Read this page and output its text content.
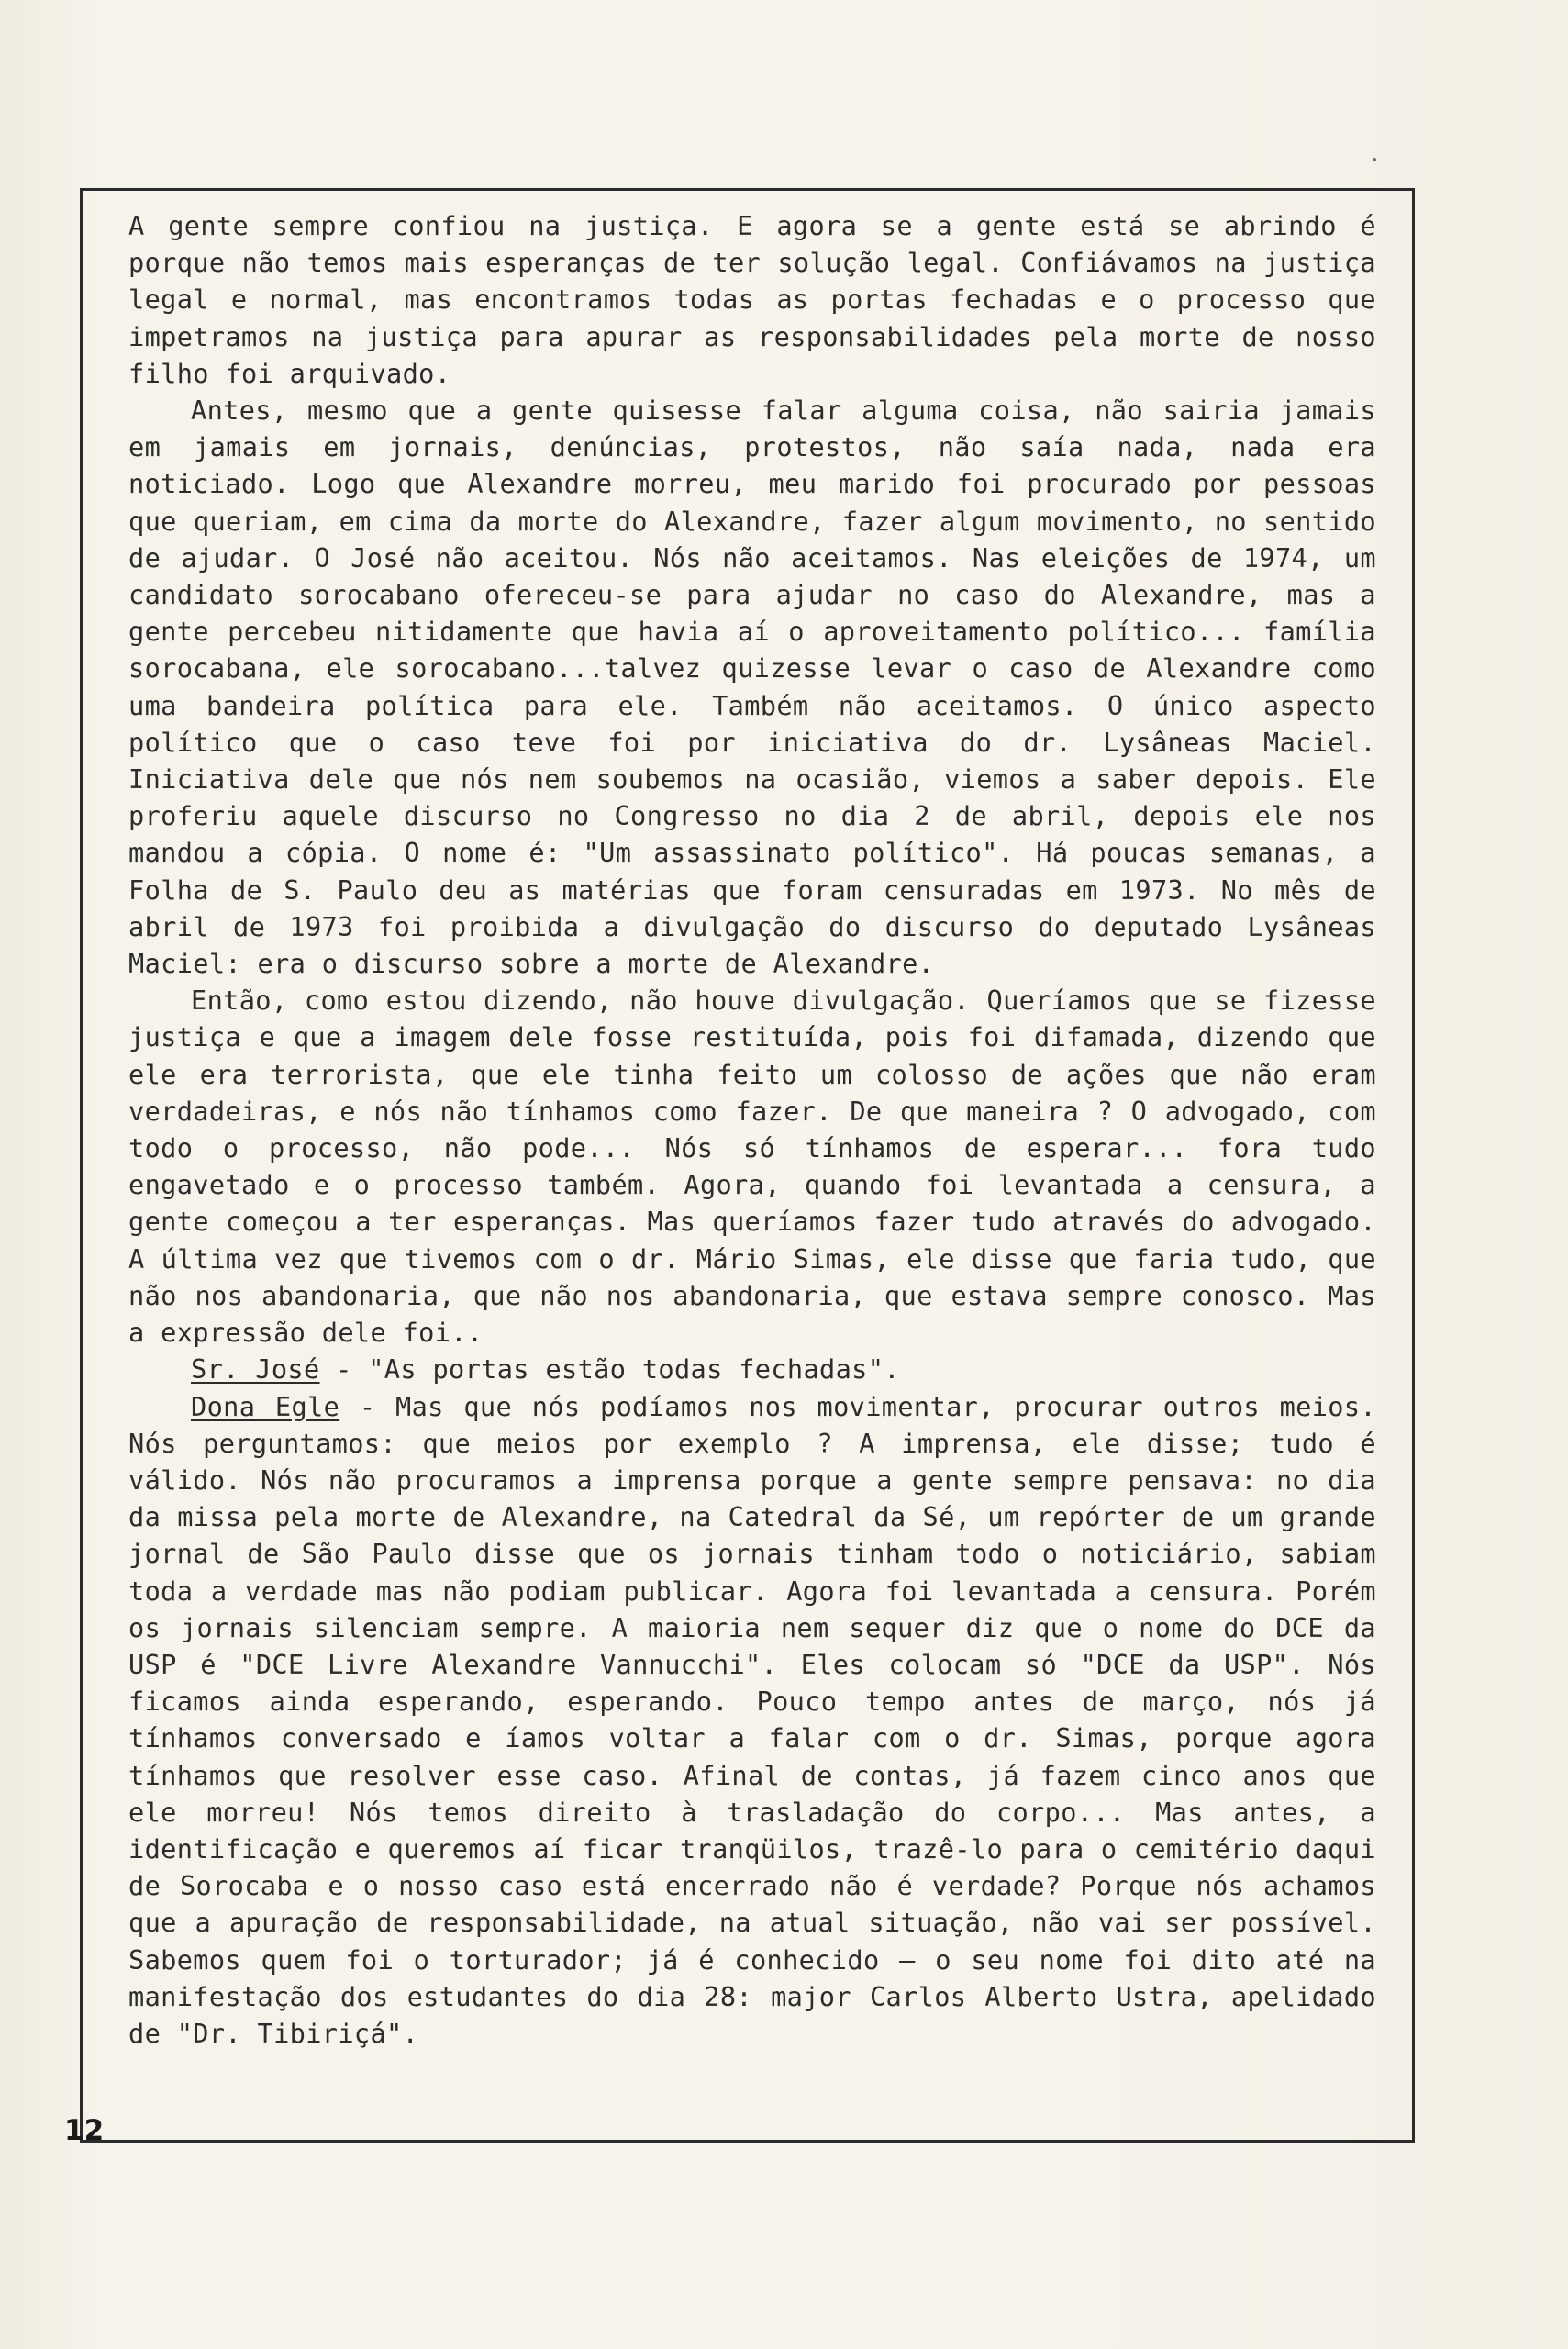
A gente sempre confiou na justiça. E agora se a gente está se abrindo é porque não temos mais esperanças de ter solução legal. Confiávamos na justiça legal e normal, mas encontramos todas as portas fechadas e o processo que impetramos na justiça para apurar as responsabilidades pela morte de nosso filho foi arquivado.

Antes, mesmo que a gente quisesse falar alguma coisa, não sairia jamais em jamais em jornais, denúncias, protestos, não saía nada, nada era noticiado. Logo que Alexandre morreu, meu marido foi procurado por pessoas que queriam, em cima da morte do Alexandre, fazer algum movimento, no sentido de ajudar. O José não aceitou. Nós não aceitamos. Nas eleições de 1974, um candidato sorocabano ofereceu-se para ajudar no caso do Alexandre, mas a gente percebeu nitidamente que havia aí o aproveitamento político... família sorocabana, ele sorocabano...talvez quizesse levar o caso de Alexandre como uma bandeira política para ele. Também não aceitamos. O único aspecto político que o caso teve foi por iniciativa do dr. Lysâneas Maciel. Iniciativa dele que nós nem soubemos na ocasião, viemos a saber depois. Ele proferiu aquele discurso no Congresso no dia 2 de abril, depois ele nos mandou a cópia. O nome é: "Um assassinato político". Há poucas semanas, a Folha de S. Paulo deu as matérias que foram censuradas em 1973. No mês de abril de 1973 foi proibida a divulgação do discurso do deputado Lysâneas Maciel: era o discurso sobre a morte de Alexandre.

Então, como estou dizendo, não houve divulgação. Queríamos que se fizesse justiça e que a imagem dele fosse restituída, pois foi difamada, dizendo que ele era terrorista, que ele tinha feito um colosso de ações que não eram verdadeiras, e nós não tínhamos como fazer. De que maneira ? O advogado, com todo o processo, não pode... Nós só tínhamos de esperar... fora tudo engavetado e o processo também. Agora, quando foi levantada a censura, a gente começou a ter esperanças. Mas queríamos fazer tudo através do advogado. A última vez que tivemos com o dr. Mário Simas, ele disse que faria tudo, que não nos abandonaria, que não nos abandonaria, que estava sempre conosco. Mas a expressão dele foi..

Sr. José - "As portas estão todas fechadas".

Dona Egle - Mas que nós podíamos nos movimentar, procurar outros meios. Nós perguntamos: que meios por exemplo ? A imprensa, ele disse; tudo é válido. Nós não procuramos a imprensa porque a gente sempre pensava: no dia da missa pela morte de Alexandre, na Catedral da Sé, um repórter de um grande jornal de São Paulo disse que os jornais tinham todo o noticiário, sabiam toda a verdade mas não podiam publicar. Agora foi levantada a censura. Porém os jornais silenciam sempre. A maioria nem sequer diz que o nome do DCE da USP é "DCE Livre Alexandre Vannucchi". Eles colocam só "DCE da USP". Nós ficamos ainda esperando, esperando. Pouco tempo antes de março, nós já tínhamos conversado e íamos voltar a falar com o dr. Simas, porque agora tínhamos que resolver esse caso. Afinal de contas, já fazem cinco anos que ele morreu! Nós temos direito à trasladação do corpo... Mas antes, a identificação e queremos aí ficar tranqüilos, trazê-lo para o cemitério daqui de Sorocaba e o nosso caso está encerrado não é verdade? Porque nós achamos que a apuração de responsabilidade, na atual situação, não vai ser possível. Sabemos quem foi o torturador; já é conhecido — o seu nome foi dito até na manifestação dos estudantes do dia 28: major Carlos Alberto Ustra, apelidado de "Dr. Tibiriçá".

12
